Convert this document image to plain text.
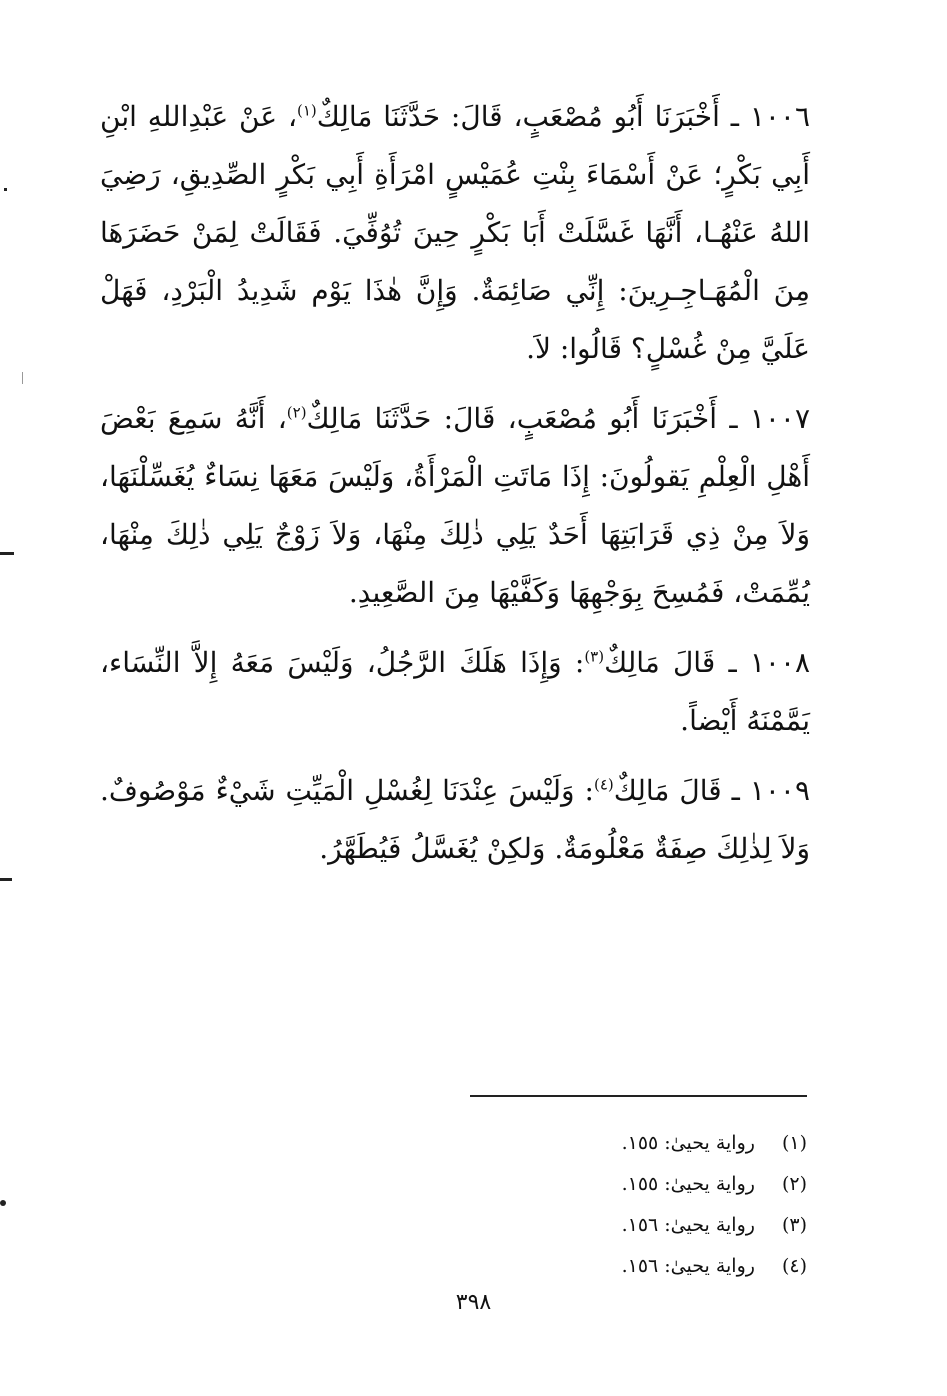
١٠٠٦ ـ أَخْبَرَنَا أَبُو مُصْعَبٍ، قَالَ: حَدَّثَنَا مَالِكٌ$^{(١)}$، عَنْ عَبْدِاللهِ ابْنِ أَبِي بَكْرٍ؛ عَنْ أَسْمَاءَ بِنْتِ عُمَيْسٍ امْرَأَةِ أَبِي بَكْرٍ الصِّدِيقِ، رَضِيَ اللهُ عَنْهُـا، أَنَّهَا غَسَّلَتْ أَبَا بَكْرٍ حِينَ تُوُفِّيَ. فَقَالَتْ لِمَنْ حَضَرَهَا مِنَ الْمُهَـاجِـرِينَ: إِنِّي صَائِمَةٌ. وَإِنَّ هٰذَا يَوْم شَدِيدُ الْبَرْدِ، فَهَلْ عَلَيَّ مِنْ غُسْلٍ؟ قَالُوا: لاَ.

١٠٠٧ ـ أَخْبَرَنَا أَبُو مُصْعَبٍ، قَالَ: حَدَّثَنَا مَالِكٌ$^{(٢)}$، أَنَّهُ سَمِعَ بَعْضَ أَهْلِ الْعِلْمِ يَقولُونَ: إِذَا مَاتَتِ الْمَرْأَةُ، وَلَيْسَ مَعَهَا نِسَاءٌ يُغَسِّلْنَهَا، وَلاَ مِنْ ذِي قَرَابَتِهَا أَحَدٌ يَلِي ذٰلِكَ مِنْهَا، وَلاَ زَوْجٌ يَلِي ذٰلِكَ مِنْهَا، يُمِّمَتْ، فَمُسِحَ بِوَجْهِهَا وَكَفَّيْهَا مِنَ الصَّعِيدِ.

١٠٠٨ ـ قَالَ مَالِكٌ$^{(٣)}$: وَإِذَا هَلَكَ الرَّجُلُ، وَلَيْسَ مَعَهُ إِلاَّ النِّسَاء، يَمَّمْنَهُ أَيْضاً.

١٠٠٩ ـ قَالَ مَالِكٌ$^{(٤)}$: وَلَيْسَ عِنْدَنَا لِغُسْلِ الْمَيِّتِ شَيْءٌ مَوْصُوفٌ. وَلاَ لِذٰلِكَ صِفَةٌ مَعْلُومَةٌ. وَلكِنْ يُغَسَّلُ فَيُطَهَّرُ.

(١) رواية يحيىٰ: ١٥٥.
(٢) رواية يحيىٰ: ١٥٥.
(٣) رواية يحيىٰ: ١٥٦.
(٤) رواية يحيىٰ: ١٥٦.
٣٩٨
